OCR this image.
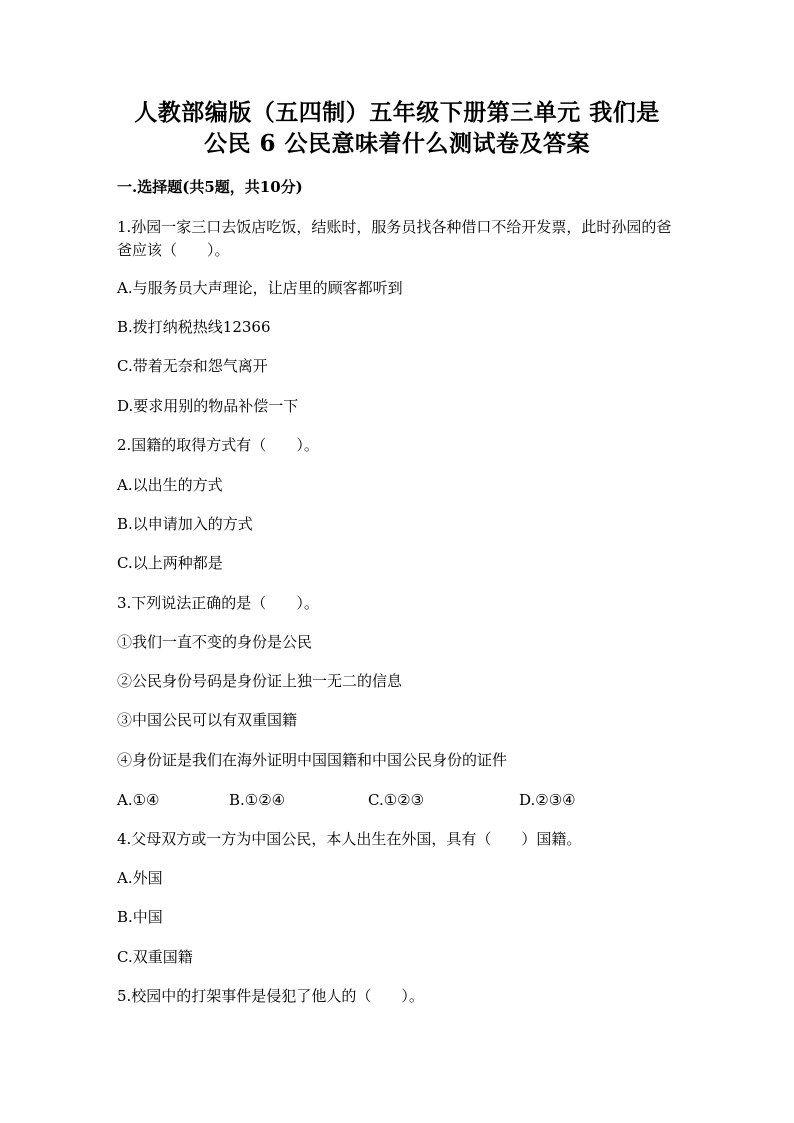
人教部编版（五四制）五年级下册第三单元 我们是
公民 6 公民意味着什么测试卷及答案
一.选择题(共5题，共10分)
1.孙园一家三口去饭店吃饭，结账时，服务员找各种借口不给开发票，此时孙园的爸爸应该（　　）。
A.与服务员大声理论，让店里的顾客都听到
B.拨打纳税热线12366
C.带着无奈和怨气离开
D.要求用别的物品补偿一下
2.国籍的取得方式有（　　）。
A.以出生的方式
B.以申请加入的方式
C.以上两种都是
3.下列说法正确的是（　　）。
①我们一直不变的身份是公民
②公民身份号码是身份证上独一无二的信息
③中国公民可以有双重国籍
④身份证是我们在海外证明中国国籍和中国公民身份的证件
A.①④	B.①②④	C.①②③	D.②③④
4.父母双方或一方为中国公民，本人出生在外国，具有（　　）国籍。
A.外国
B.中国
C.双重国籍
5.校园中的打架事件是侵犯了他人的（　　）。
